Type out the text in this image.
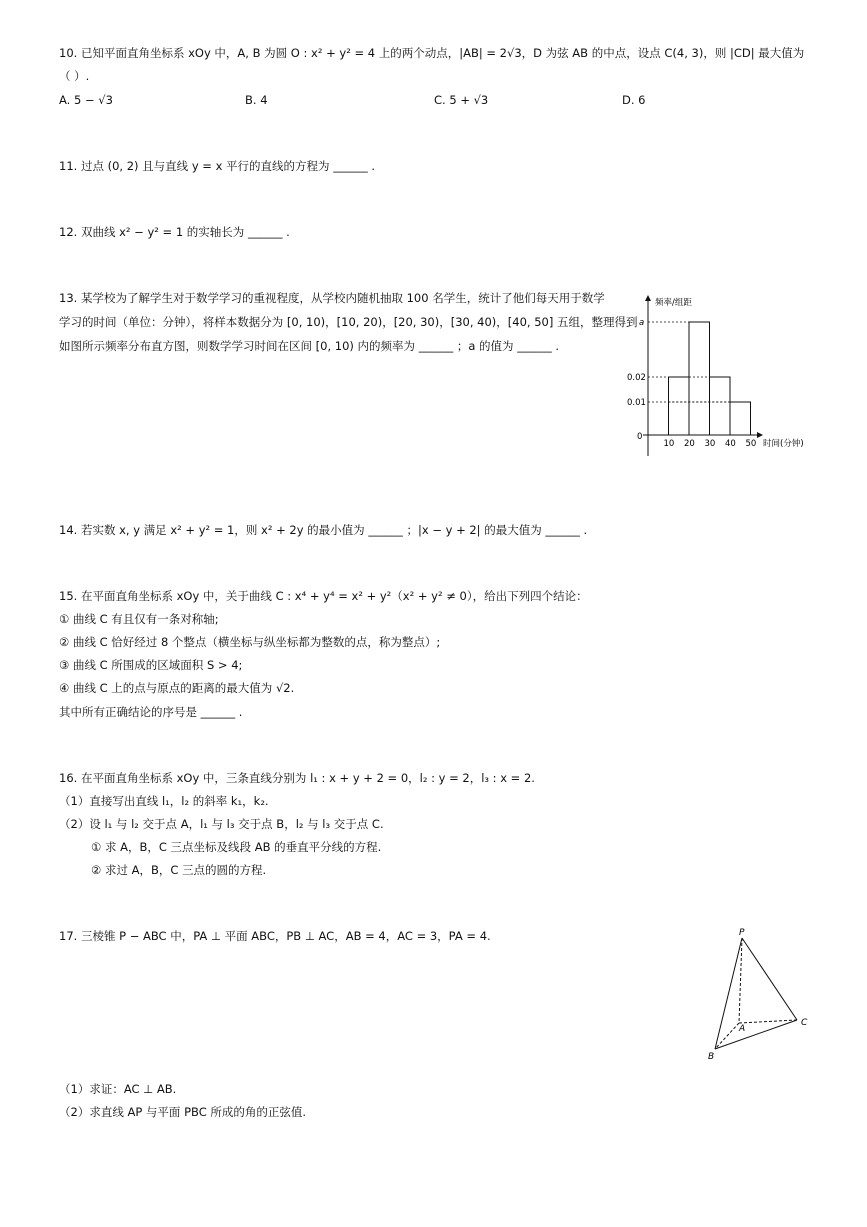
10. 已知平面直角坐标系 xOy 中，A, B 为圆 O : x² + y² = 4 上的两个动点，|AB| = 2√3，D 为弦 AB 的中点，设点 C(4, 3)，则 |CD| 最大值为
（ ）.
A. 5 − √3	B. 4	C. 5 + √3	D. 6
11. 过点 (0, 2) 且与直线 y = x 平行的直线的方程为 ______ .
12. 双曲线 x² − y² = 1 的实轴长为 ______ .
13. 某学校为了解学生对于数学学习的重视程度，从学校内随机抽取 100 名学生，统计了他们每天用于数学
学习的时间（单位：分钟），将样本数据分为 [0, 10)，[10, 20)，[20, 30)，[30, 40)，[40, 50] 五组，整理得到
如图所示频率分布直方图，则数学学习时间在区间 [0, 10) 内的频率为 ______ ；a 的值为 ______ .
频率/组距
时间(分钟)
0
10 20 30 40 50
a
0.02
0.01
14. 若实数 x, y 满足 x² + y² = 1，则 x² + 2y 的最小值为 ______ ；|x − y + 2| 的最大值为 ______ .
15. 在平面直角坐标系 xOy 中，关于曲线 C : x⁴ + y⁴ = x² + y²（x² + y² ≠ 0），给出下列四个结论：
① 曲线 C 有且仅有一条对称轴;
② 曲线 C 恰好经过 8 个整点（横坐标与纵坐标都为整数的点，称为整点）;
③ 曲线 C 所围成的区域面积 S > 4;
④ 曲线 C 上的点与原点的距离的最大值为 √2.
其中所有正确结论的序号是 ______ .
16. 在平面直角坐标系 xOy 中，三条直线分别为 l₁ : x + y + 2 = 0，l₂ : y = 2，l₃ : x = 2.
（1）直接写出直线 l₁，l₂ 的斜率 k₁，k₂.
（2）设 l₁ 与 l₂ 交于点 A，l₁ 与 l₃ 交于点 B，l₂ 与 l₃ 交于点 C.
① 求 A，B，C 三点坐标及线段 AB 的垂直平分线的方程.
② 求过 A，B，C 三点的圆的方程.
17. 三棱锥 P − ABC 中，PA ⊥ 平面 ABC，PB ⊥ AC，AB = 4，AC = 3，PA = 4.	P
A
B
C
（1）求证：AC ⊥ AB.
（2）求直线 AP 与平面 PBC 所成的角的正弦值.
